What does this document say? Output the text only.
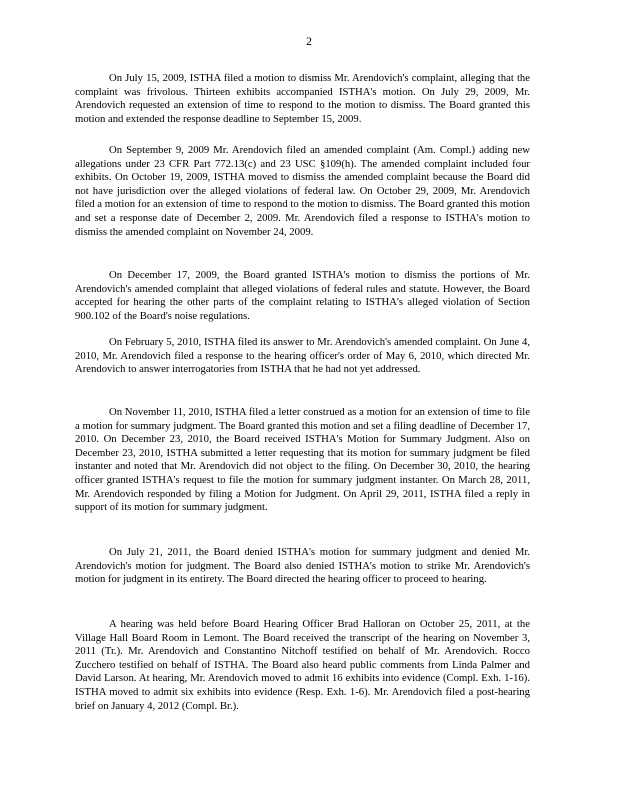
2

On July 15, 2009, ISTHA filed a motion to dismiss Mr. Arendovich's complaint, alleging that the complaint was frivolous. Thirteen exhibits accompanied ISTHA's motion. On July 29, 2009, Mr. Arendovich requested an extension of time to respond to the motion to dismiss. The Board granted this motion and extended the response deadline to September 15, 2009.

On September 9, 2009 Mr. Arendovich filed an amended complaint (Am. Compl.) adding new allegations under 23 CFR Part 772.13(c) and 23 USC §109(h). The amended complaint included four exhibits. On October 19, 2009, ISTHA moved to dismiss the amended complaint because the Board did not have jurisdiction over the alleged violations of federal law. On October 29, 2009, Mr. Arendovich filed a motion for an extension of time to respond to the motion to dismiss. The Board granted this motion and set a response date of December 2, 2009. Mr. Arendovich filed a response to ISTHA's motion to dismiss the amended complaint on November 24, 2009.

On December 17, 2009, the Board granted ISTHA's motion to dismiss the portions of Mr. Arendovich's amended complaint that alleged violations of federal rules and statute. However, the Board accepted for hearing the other parts of the complaint relating to ISTHA's alleged violation of Section 900.102 of the Board's noise regulations.

On February 5, 2010, ISTHA filed its answer to Mr. Arendovich's amended complaint. On June 4, 2010, Mr. Arendovich filed a response to the hearing officer's order of May 6, 2010, which directed Mr. Arendovich to answer interrogatories from ISTHA that he had not yet addressed.

On November 11, 2010, ISTHA filed a letter construed as a motion for an extension of time to file a motion for summary judgment. The Board granted this motion and set a filing deadline of December 17, 2010. On December 23, 2010, the Board received ISTHA's Motion for Summary Judgment. Also on December 23, 2010, ISTHA submitted a letter requesting that its motion for summary judgment be filed instanter and noted that Mr. Arendovich did not object to the filing. On December 30, 2010, the hearing officer granted ISTHA's request to file the motion for summary judgment instanter. On March 28, 2011, Mr. Arendovich responded by filing a Motion for Judgment. On April 29, 2011, ISTHA filed a reply in support of its motion for summary judgment.

On July 21, 2011, the Board denied ISTHA's motion for summary judgment and denied Mr. Arendovich's motion for judgment. The Board also denied ISTHA's motion to strike Mr. Arendovich's motion for judgment in its entirety. The Board directed the hearing officer to proceed to hearing.

A hearing was held before Board Hearing Officer Brad Halloran on October 25, 2011, at the Village Hall Board Room in Lemont. The Board received the transcript of the hearing on November 3, 2011 (Tr.). Mr. Arendovich and Constantino Nitchoff testified on behalf of Mr. Arendovich. Rocco Zucchero testified on behalf of ISTHA. The Board also heard public comments from Linda Palmer and David Larson. At hearing, Mr. Arendovich moved to admit 16 exhibits into evidence (Compl. Exh. 1-16). ISTHA moved to admit six exhibits into evidence (Resp. Exh. 1-6). Mr. Arendovich filed a post-hearing brief on January 4, 2012 (Compl. Br.).
